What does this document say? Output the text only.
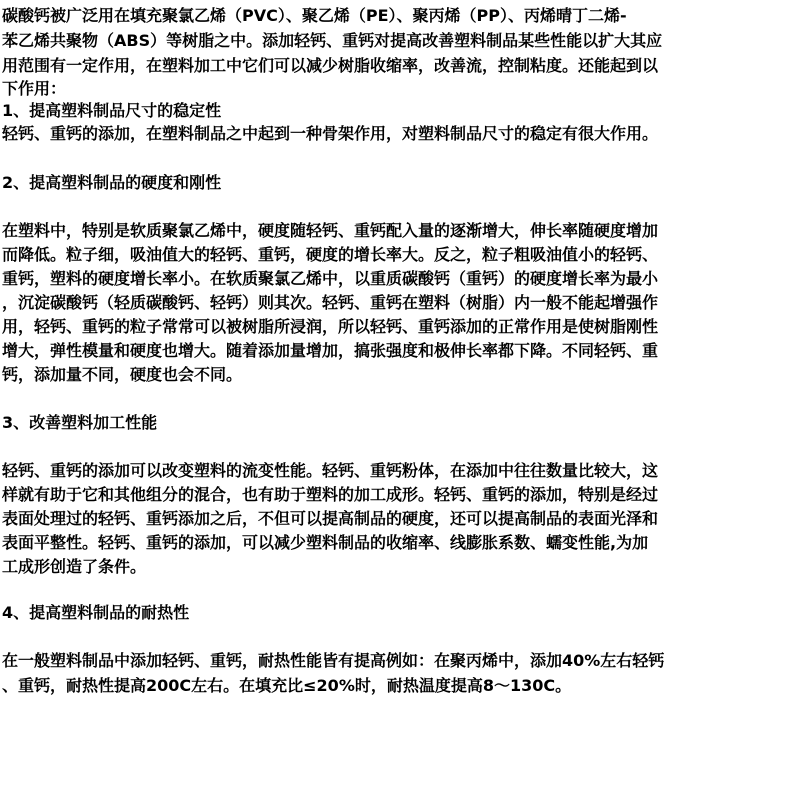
碳酸钙被广泛用在填充聚氯乙烯（PVC）、聚乙烯（PE）、聚丙烯（PP）、丙烯晴丁二烯-
苯乙烯共聚物（ABS）等树脂之中。添加轻钙、重钙对提高改善塑料制品某些性能以扩大其应
用范围有一定作用，在塑料加工中它们可以减少树脂收缩率，改善流，控制粘度。还能起到以
下作用：
1、提高塑料制品尺寸的稳定性
轻钙、重钙的添加，在塑料制品之中起到一种骨架作用，对塑料制品尺寸的稳定有很大作用。
2、提高塑料制品的硬度和刚性
在塑料中，特别是软质聚氯乙烯中，硬度随轻钙、重钙配入量的逐渐增大，伸长率随硬度增加
而降低。粒子细，吸油值大的轻钙、重钙，硬度的增长率大。反之，粒子粗吸油值小的轻钙、
重钙，塑料的硬度增长率小。在软质聚氯乙烯中，以重质碳酸钙（重钙）的硬度增长率为最小
，沉淀碳酸钙（轻质碳酸钙、轻钙）则其次。轻钙、重钙在塑料（树脂）内一般不能起增强作
用，轻钙、重钙的粒子常常可以被树脂所浸润，所以轻钙、重钙添加的正常作用是使树脂刚性
增大，弹性模量和硬度也增大。随着添加量增加，搞张强度和极伸长率都下降。不同轻钙、重
钙，添加量不同，硬度也会不同。
3、改善塑料加工性能
轻钙、重钙的添加可以改变塑料的流变性能。轻钙、重钙粉体，在添加中往往数量比较大，这
样就有助于它和其他组分的混合，也有助于塑料的加工成形。轻钙、重钙的添加，特别是经过
表面处理过的轻钙、重钙添加之后，不但可以提高制品的硬度，还可以提高制品的表面光泽和
表面平整性。轻钙、重钙的添加，可以减少塑料制品的收缩率、线膨胀系数、蠕变性能,为加
工成形创造了条件。
4、提高塑料制品的耐热性
在一般塑料制品中添加轻钙、重钙，耐热性能皆有提高例如：在聚丙烯中，添加40%左右轻钙
、重钙，耐热性提高200C左右。在填充比≤20%时，耐热温度提高8～130C。
